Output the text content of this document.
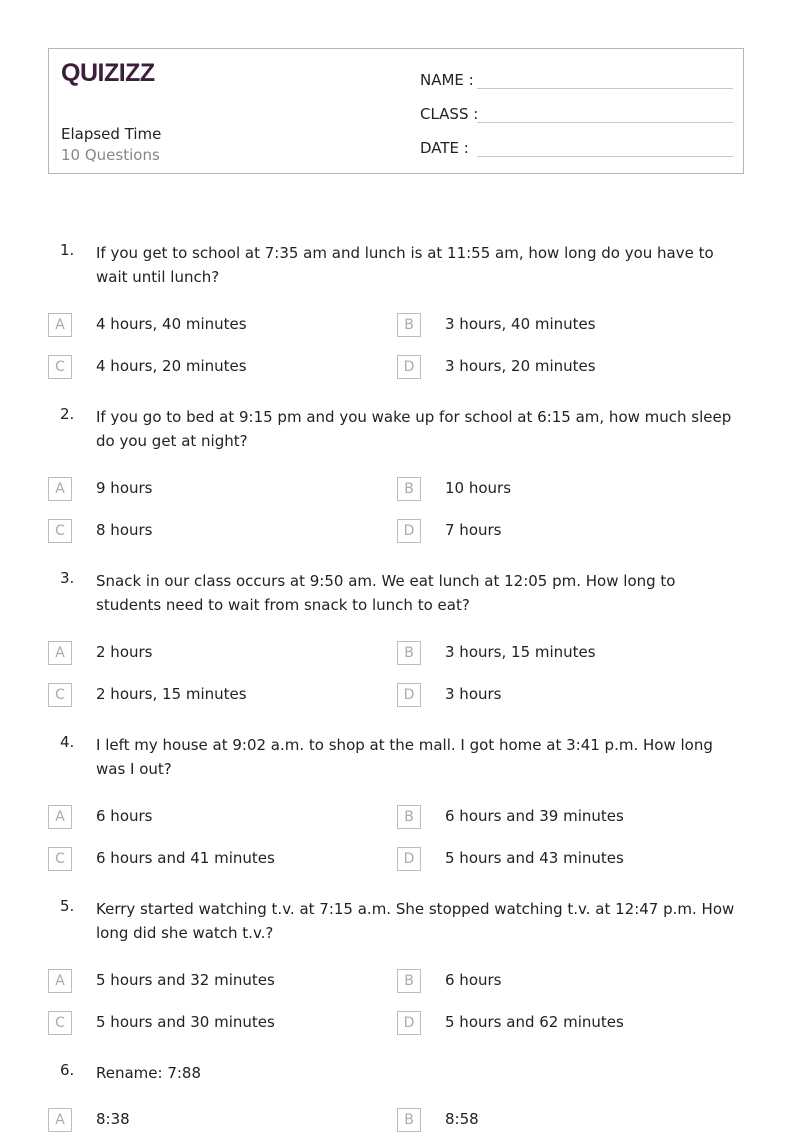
QUIZIZZ
Elapsed Time
10 Questions
NAME :
CLASS :
DATE :
1. If you get to school at 7:35 am and lunch is at 11:55 am, how long do you have to wait until lunch?
A	4 hours, 40 minutes	B	3 hours, 40 minutes
C	4 hours, 20 minutes	D	3 hours, 20 minutes
2. If you go to bed at 9:15 pm and you wake up for school at 6:15 am, how much sleep do you get at night?
A	9 hours	B	10 hours
C	8 hours	D	7 hours
3. Snack in our class occurs at 9:50 am. We eat lunch at 12:05 pm. How long to students need to wait from snack to lunch to eat?
A	2 hours	B	3 hours, 15 minutes
C	2 hours, 15 minutes	D	3 hours
4. I left my house at 9:02 a.m. to shop at the mall. I got home at 3:41 p.m. How long was I out?
A	6 hours	B	6 hours and 39 minutes
C	6 hours and 41 minutes	D	5 hours and 43 minutes
5. Kerry started watching t.v. at 7:15 a.m. She stopped watching t.v. at 12:47 p.m. How long did she watch t.v.?
A	5 hours and 32 minutes	B	6 hours
C	5 hours and 30 minutes	D	5 hours and 62 minutes
6. Rename: 7:88
A	8:38	B	8:58
